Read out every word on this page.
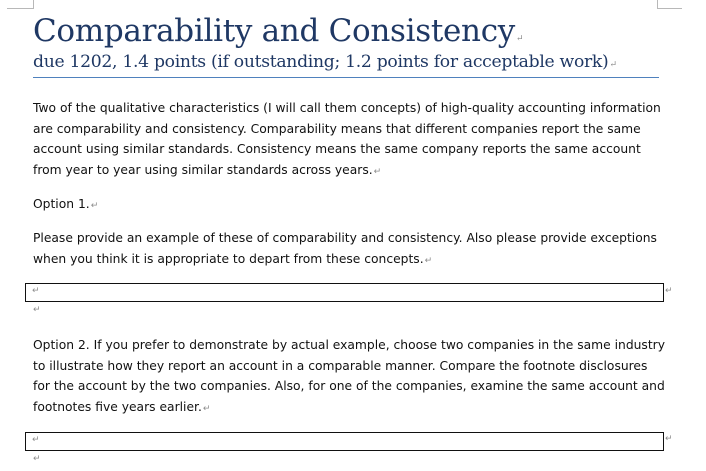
Comparability and Consistency↵
due 1202, 1.4 points (if outstanding; 1.2 points for acceptable work)↵
Two of the qualitative characteristics (I will call them concepts) of high-quality accounting information are comparability and consistency. Comparability means that different companies report the same account using similar standards. Consistency means the same company reports the same account from year to year using similar standards across years.↵
Option 1.↵
Please provide an example of these of comparability and consistency. Also please provide exceptions when you think it is appropriate to depart from these concepts.↵
↵	↵
↵
Option 2. If you prefer to demonstrate by actual example, choose two companies in the same industry to illustrate how they report an account in a comparable manner. Compare the footnote disclosures for the account by the two companies. Also, for one of the companies, examine the same account and footnotes five years earlier.↵
↵	↵
↵
